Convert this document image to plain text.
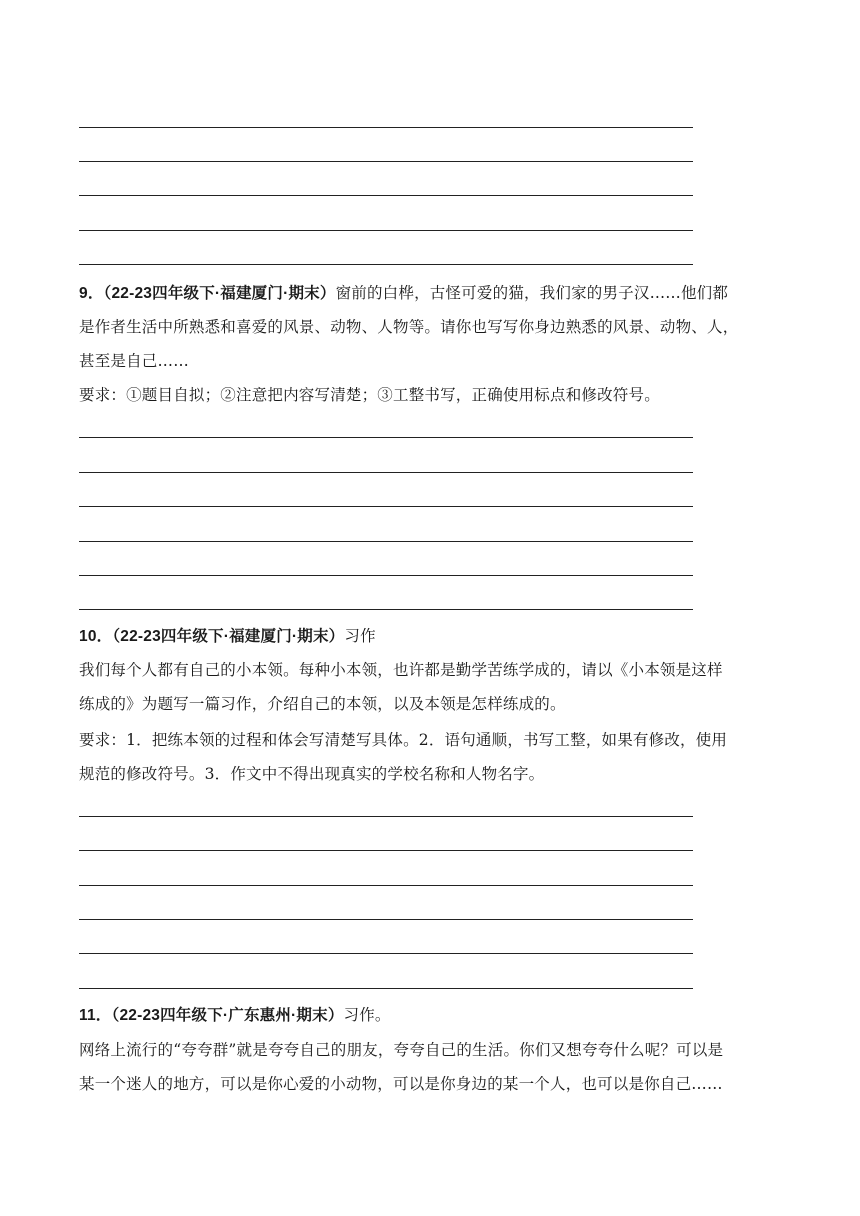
9．（22-23四年级下·福建厦门·期末）窗前的白桦，古怪可爱的猫，我们家的男子汉……他们都
是作者生活中所熟悉和喜爱的风景、动物、人物等。请你也写写你身边熟悉的风景、动物、人，
甚至是自己……
要求：①题目自拟；②注意把内容写清楚；③工整书写，正确使用标点和修改符号。
10．（22-23四年级下·福建厦门·期末）习作
我们每个人都有自己的小本领。每种小本领，也许都是勤学苦练学成的，请以《小本领是这样
练成的》为题写一篇习作，介绍自己的本领，以及本领是怎样练成的。
要求：1．把练本领的过程和体会写清楚写具体。2．语句通顺，书写工整，如果有修改，使用
规范的修改符号。3．作文中不得出现真实的学校名称和人物名字。
11．（22-23四年级下·广东惠州·期末）习作。
网络上流行的“夸夸群”就是夸夸自己的朋友，夸夸自己的生活。你们又想夸夸什么呢？可以是
某一个迷人的地方，可以是你心爱的小动物，可以是你身边的某一个人，也可以是你自己……
